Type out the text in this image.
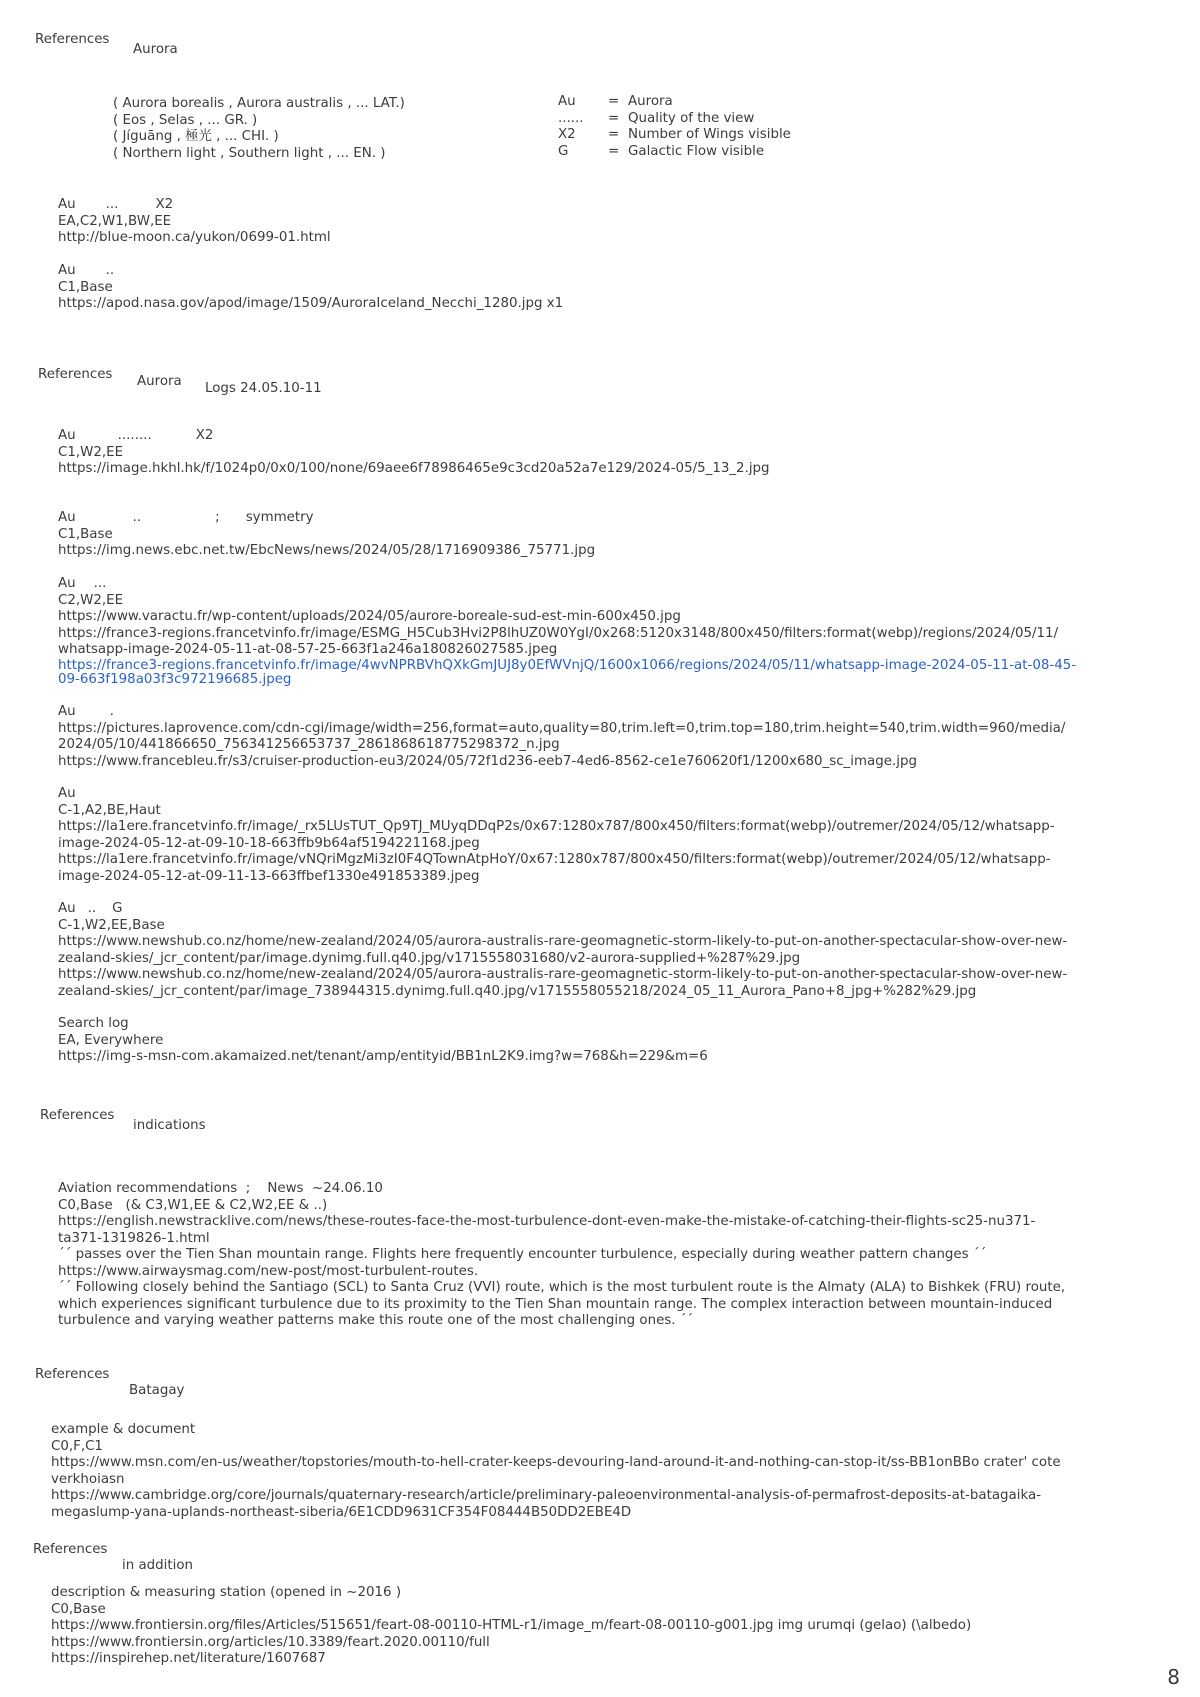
References
Aurora
( Aurora borealis , Aurora australis , ... LAT.)
( Eos , Selas , ... GR. )
( Jíguāng , 極光 , ... CHI. )
( Northern light , Southern light , ... EN. )
Au	=	Aurora
......	=	Quality of the view
X2	=	Number of Wings visible
G	=	Galactic Flow visible
Au ...	X2
EA,C2,W1,BW,EE
http://blue-moon.ca/yukon/0699-01.html
Au ..
C1,Base
https://apod.nasa.gov/apod/image/1509/AuroraIceland_Necchi_1280.jpg x1
References Aurora Logs 24.05.10-11
Au	........	X2
C1,W2,EE
https://image.hkhl.hk/f/1024p0/0x0/100/none/69aee6f78986465e9c3cd20a52a7e129/2024-05/5_13_2.jpg
Au	..	; symmetry
C1,Base
https://img.news.ebc.net.tw/EbcNews/news/2024/05/28/1716909386_75771.jpg
Au ...
C2,W2,EE
https://www.varactu.fr/wp-content/uploads/2024/05/aurore-boreale-sud-est-min-600x450.jpg
https://france3-regions.francetvinfo.fr/image/ESMG_H5Cub3Hvi2P8lhUZ0W0YgI/0x268:5120x3148/800x450/filters:format(webp)/regions/2024/05/11/
whatsapp-image-2024-05-11-at-08-57-25-663f1a246a180826027585.jpeg
https://france3-regions.francetvinfo.fr/image/4wvNPRBVhQXkGmJUJ8y0EfWVnjQ/1600x1066/regions/2024/05/11/whatsapp-image-2024-05-11-at-08-45-
09-663f198a03f3c972196685.jpeg
Au	.
https://pictures.laprovence.com/cdn-cgi/image/width=256,format=auto,quality=80,trim.left=0,trim.top=180,trim.height=540,trim.width=960/media/
2024/05/10/441866650_756341256653737_2861868618775298372_n.jpg
https://www.francebleu.fr/s3/cruiser-production-eu3/2024/05/72f1d236-eeb7-4ed6-8562-ce1e760620f1/1200x680_sc_image.jpg
Au
C-1,A2,BE,Haut
https://la1ere.francetvinfo.fr/image/_rx5LUsTUT_Qp9TJ_MUyqDDqP2s/0x67:1280x787/800x450/filters:format(webp)/outremer/2024/05/12/whatsapp-
image-2024-05-12-at-09-10-18-663ffb9b64af5194221168.jpeg
https://la1ere.francetvinfo.fr/image/vNQriMgzMi3zI0F4QTownAtpHoY/0x67:1280x787/800x450/filters:format(webp)/outremer/2024/05/12/whatsapp-
image-2024-05-12-at-09-11-13-663ffbef1330e491853389.jpeg
Au .. G
C-1,W2,EE,Base
https://www.newshub.co.nz/home/new-zealand/2024/05/aurora-australis-rare-geomagnetic-storm-likely-to-put-on-another-spectacular-show-over-new-
zealand-skies/_jcr_content/par/image.dynimg.full.q40.jpg/v1715558031680/v2-aurora-supplied+%287%29.jpg
https://www.newshub.co.nz/home/new-zealand/2024/05/aurora-australis-rare-geomagnetic-storm-likely-to-put-on-another-spectacular-show-over-new-
zealand-skies/_jcr_content/par/image_738944315.dynimg.full.q40.jpg/v1715558055218/2024_05_11_Aurora_Pano+8_jpg+%282%29.jpg
Search log
EA, Everywhere
https://img-s-msn-com.akamaized.net/tenant/amp/entityid/BB1nL2K9.img?w=768&h=229&m=6
References
indications
Aviation recommendations  ;    News  ~24.06.10
C0,Base   (& C3,W1,EE & C2,W2,EE & ..)
https://english.newstracklive.com/news/these-routes-face-the-most-turbulence-dont-even-make-the-mistake-of-catching-their-flights-sc25-nu371-
ta371-1319826-1.html
´´ passes over the Tien Shan mountain range. Flights here frequently encounter turbulence, especially during weather pattern changes ´´
https://www.airwaysmag.com/new-post/most-turbulent-routes.
´´ Following closely behind the Santiago (SCL) to Santa Cruz (VVI) route, which is the most turbulent route is the Almaty (ALA) to Bishkek (FRU) route,
which experiences significant turbulence due to its proximity to the Tien Shan mountain range. The complex interaction between mountain-induced
turbulence and varying weather patterns make this route one of the most challenging ones. ´´
References
Batagay
example & document
C0,F,C1
https://www.msn.com/en-us/weather/topstories/mouth-to-hell-crater-keeps-devouring-land-around-it-and-nothing-can-stop-it/ss-BB1onBBo crater' cote
verkhoiasn
https://www.cambridge.org/core/journals/quaternary-research/article/preliminary-paleoenvironmental-analysis-of-permafrost-deposits-at-batagaika-
megaslump-yana-uplands-northeast-siberia/6E1CDD9631CF354F08444B50DD2EBE4D
References
in addition
description & measuring station (opened in ~2016 )
C0,Base
https://www.frontiersin.org/files/Articles/515651/feart-08-00110-HTML-r1/image_m/feart-08-00110-g001.jpg img urumqi (gelao) (\albedo)
https://www.frontiersin.org/articles/10.3389/feart.2020.00110/full
https://inspirehep.net/literature/1607687
8
